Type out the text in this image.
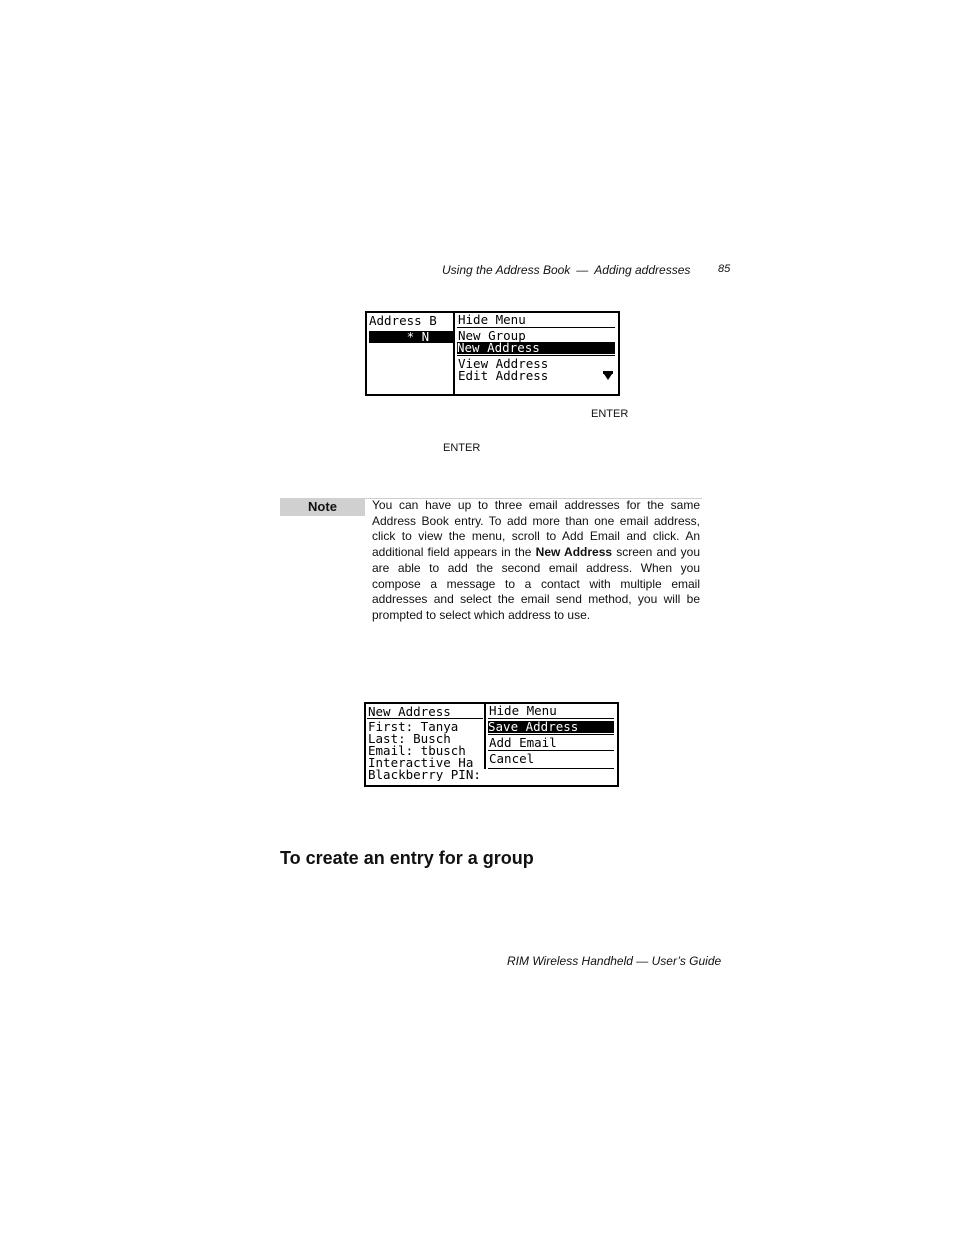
Using the Address Book — Adding addresses	85
Address B
* N
Hide Menu
New Group
New Address
View Address
Edit Address
ENTER
ENTER
Note	You can have up to three email addresses for the same Address Book entry. To add more than one email address, click to view the menu, scroll to Add Email and click. An additional field appears in the New Address screen and you are able to add the second email address. When you compose a message to a contact with multiple email addresses and select the email send method, you will be prompted to select which address to use.
New Address
First: Tanya
Last: Busch
Email: tbusch
Interactive Ha
Blackberry PIN:
Hide Menu
Save Address
Add Email
Cancel
To create an entry for a group
RIM Wireless Handheld — User’s Guide
